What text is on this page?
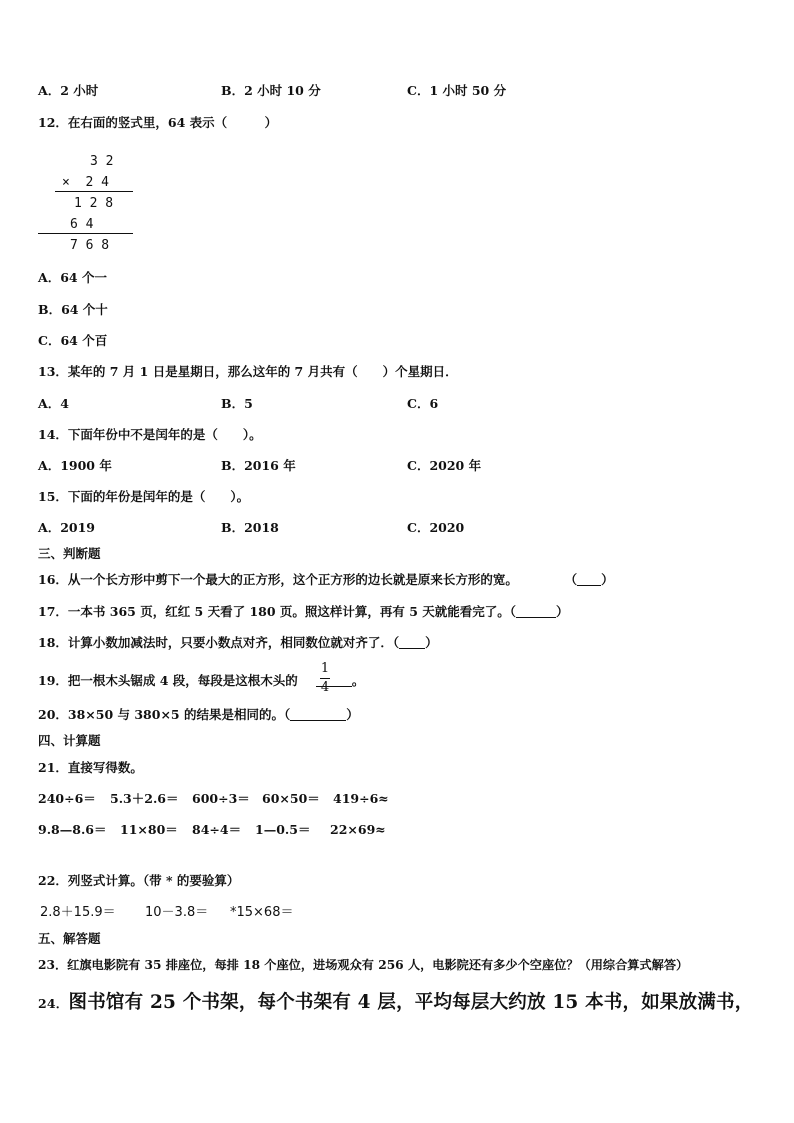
A．2 小时	B．2 小时 10 分	C．1 小时 50 分
12．在右面的竖式里，64 表示（　　　）
3 2
×  2 4
1 2 8
6 4
7 6 8
A．64 个一
B．64 个十
C．64 个百
13．某年的 7 月 1 日是星期日，那么这年的 7 月共有（　　）个星期日．
A．4	B．5	C．6
14．下面年份中不是闰年的是（　　）。
A．1900 年	B．2016 年	C．2020 年
15．下面的年份是闰年的是（　　）。
A．2019	B．2018	C．2020
三、判断题
16．从一个长方形中剪下一个最大的正方形，这个正方形的边长就是原来长方形的宽。	（ ）
17．一本书 365 页，红红 5 天看了 180 页。照这样计算，再有 5 天就能看完了。（	）
18．计算小数加减法时，只要小数点对齐，相同数位就对齐了．（ ）
19．把一根木头锯成 4 段，每段是这根木头的	。
1
4
20．38×50 与 380×5 的结果是相同的。（	）
四、计算题
21．直接写得数。
240÷6＝ 5.3＋2.6＝ 600÷3＝ 60×50＝ 419÷6≈
9.8—8.6＝ 11×80＝ 84÷4＝ 1—0.5＝ 22×69≈
22．列竖式计算。（带 * 的要验算）
2.8＋15.9＝ 10－3.8＝ *15×68＝
五、解答题
23．红旗电影院有 35 排座位，每排 18 个座位，进场观众有 256 人，电影院还有多少个空座位？（用综合算式解答）
24．图书馆有 25 个书架，每个书架有 4 层，平均每层大约放 15 本书，如果放满书，
